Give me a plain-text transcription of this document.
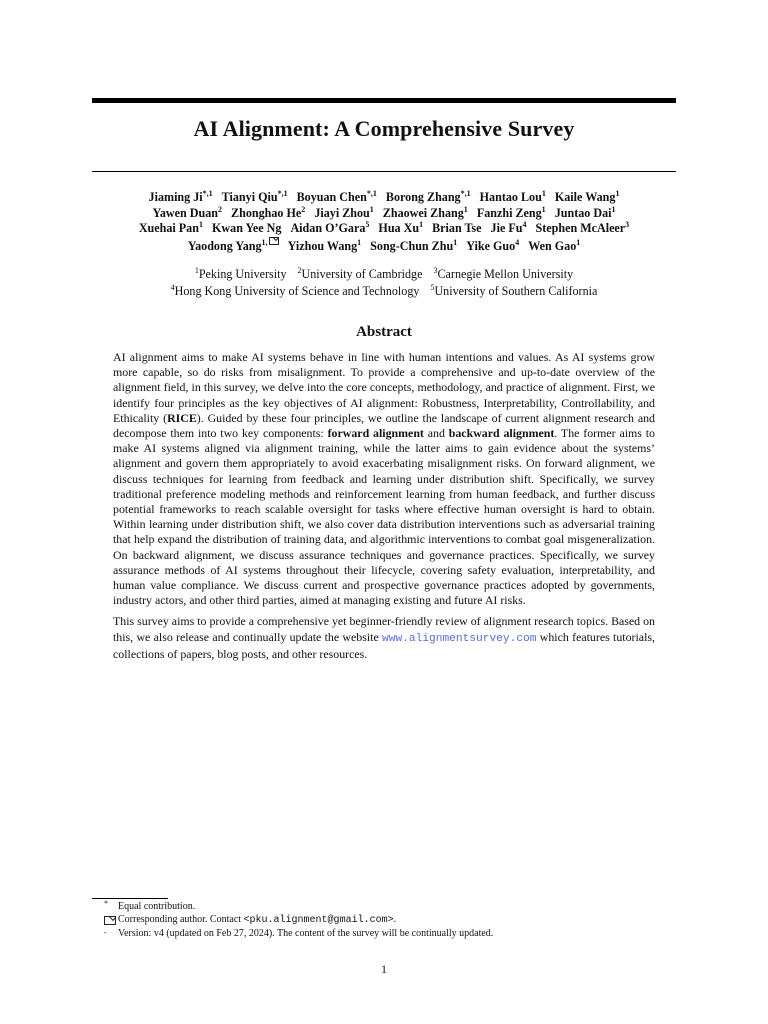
AI Alignment: A Comprehensive Survey
Jiaming $Ji^{*,1}$ Tianyi Qiu$^{*,1}$ Boyuan Chen$^{*,1}$ Borong Zhang$^{*,1}$ Hantao Lou$^1$ Kaile Wang$^1$
Yawen Duan$^2$ Zhonghao He$^2$ Jiayi Zhou$^1$ Zhaowei Zhang$^1$ Fanzhi Zeng$^1$ Juntao Dai$^1$
Xuehai Pan$^1$ Kwan Yee Ng Aidan O’Gara$^5$ Hua Xu$^1$ Brian Tse Jie Fu$^4$ Stephen McAleer$^3$
Yaodong Yang$^{1,}$ Yizhou Wang$^1$ Song-Chun Zhu$^1$ Yike Guo$^4$ Wen Gao$^1$
$^1$Peking University $^2$University of Cambridge $^3$Carnegie Mellon University
$^4$Hong Kong University of Science and Technology $^5$University of Southern California
Abstract

AI alignment aims to make AI systems behave in line with human intentions and values. As AI systems grow more capable, so do risks from misalignment. To provide a comprehensive and up-to-date overview of the alignment field, in this survey, we delve into the core concepts, methodology, and practice of alignment. First, we identify four principles as the key objectives of AI alignment: Robustness, Interpretability, Controllability, and Ethicality (RICE). Guided by these four principles, we outline the landscape of current alignment research and decompose them into two key components: forward alignment and backward alignment. The former aims to make AI systems aligned via alignment training, while the latter aims to gain evidence about the systems’ alignment and govern them appropriately to avoid exacerbating misalignment risks. On forward alignment, we discuss techniques for learning from feedback and learning under distribution shift. Specifically, we survey traditional preference modeling methods and reinforcement learning from human feedback, and further discuss potential frameworks to reach scalable oversight for tasks where effective human oversight is hard to obtain. Within learning under distribution shift, we also cover data distribution interventions such as adversarial training that help expand the distribution of training data, and algorithmic interventions to combat goal misgeneralization. On backward alignment, we discuss assurance techniques and governance practices. Specifically, we survey assurance methods of AI systems throughout their lifecycle, covering safety evaluation, interpretability, and human value compliance. We discuss current and prospective governance practices adopted by governments, industry actors, and other third parties, aimed at managing existing and future AI risks.

This survey aims to provide a comprehensive yet beginner-friendly review of alignment research topics. Based on this, we also release and continually update the website www.alignmentsurvey.com which features tutorials, collections of papers, blog posts, and other resources.

* Equal contribution.
Corresponding author. Contact <pku.alignment@gmail.com>.
- Version: v4 (updated on Feb 27, 2024). The content of the survey will be continually updated.
1
